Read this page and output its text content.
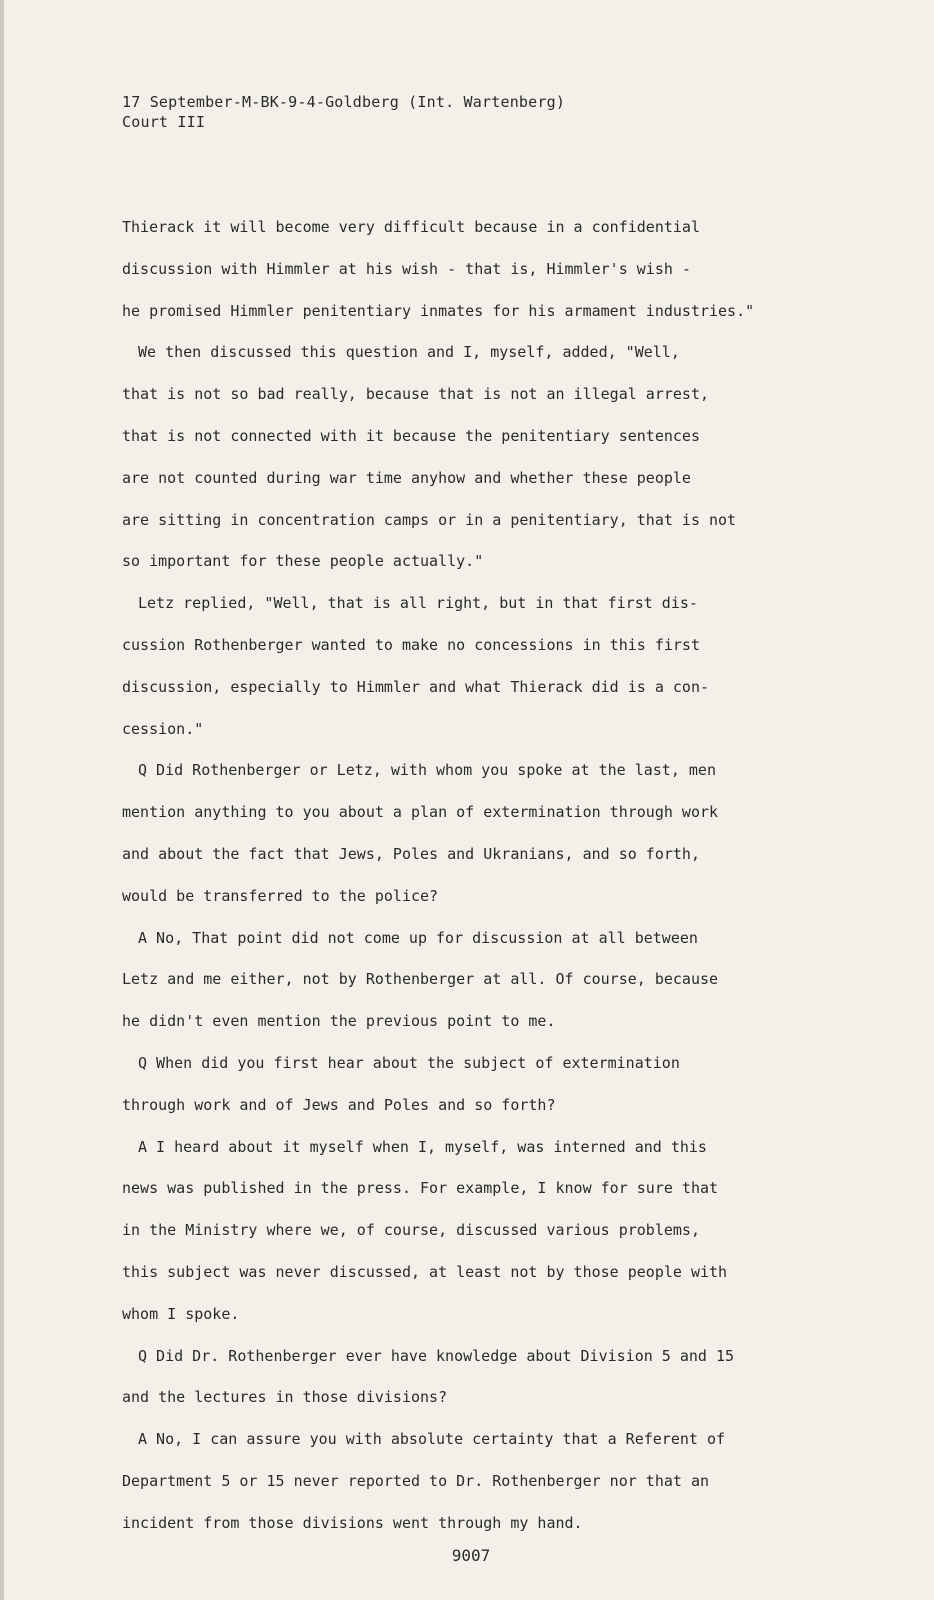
17 September-M-BK-9-4-Goldberg (Int. Wartenberg)
Court III
Thierack it will become very difficult because in a confidential
discussion with Himmler at his wish - that is, Himmler's wish -
he promised Himmler penitentiary inmates for his armament industries."
We then discussed this question and I, myself, added, "Well,
that is not so bad really, because that is not an illegal arrest,
that is not connected with it because the penitentiary sentences
are not counted during war time anyhow and whether these people
are sitting in concentration camps or in a penitentiary, that is not
so important for these people actually."
Letz replied, "Well, that is all right, but in that first dis-
cussion Rothenberger wanted to make no concessions in this first
discussion, especially to Himmler and what Thierack did is a con-
cession."
Q Did Rothenberger or Letz, with whom you spoke at the last, men
mention anything to you about a plan of extermination through work
and about the fact that Jews, Poles and Ukranians, and so forth,
would be transferred to the police?
A No, That point did not come up for discussion at all between
Letz and me either, not by Rothenberger at all. Of course, because
he didn't even mention the previous point to me.
Q When did you first hear about the subject of extermination
through work and of Jews and Poles and so forth?
A I heard about it myself when I, myself, was interned and this
news was published in the press. For example, I know for sure that
in the Ministry where we, of course, discussed various problems,
this subject was never discussed, at least not by those people with
whom I spoke.
Q Did Dr. Rothenberger ever have knowledge about Division 5 and 15
and the lectures in those divisions?
A No, I can assure you with absolute certainty that a Referent of
Department 5 or 15 never reported to Dr. Rothenberger nor that an
incident from those divisions went through my hand.
9007
